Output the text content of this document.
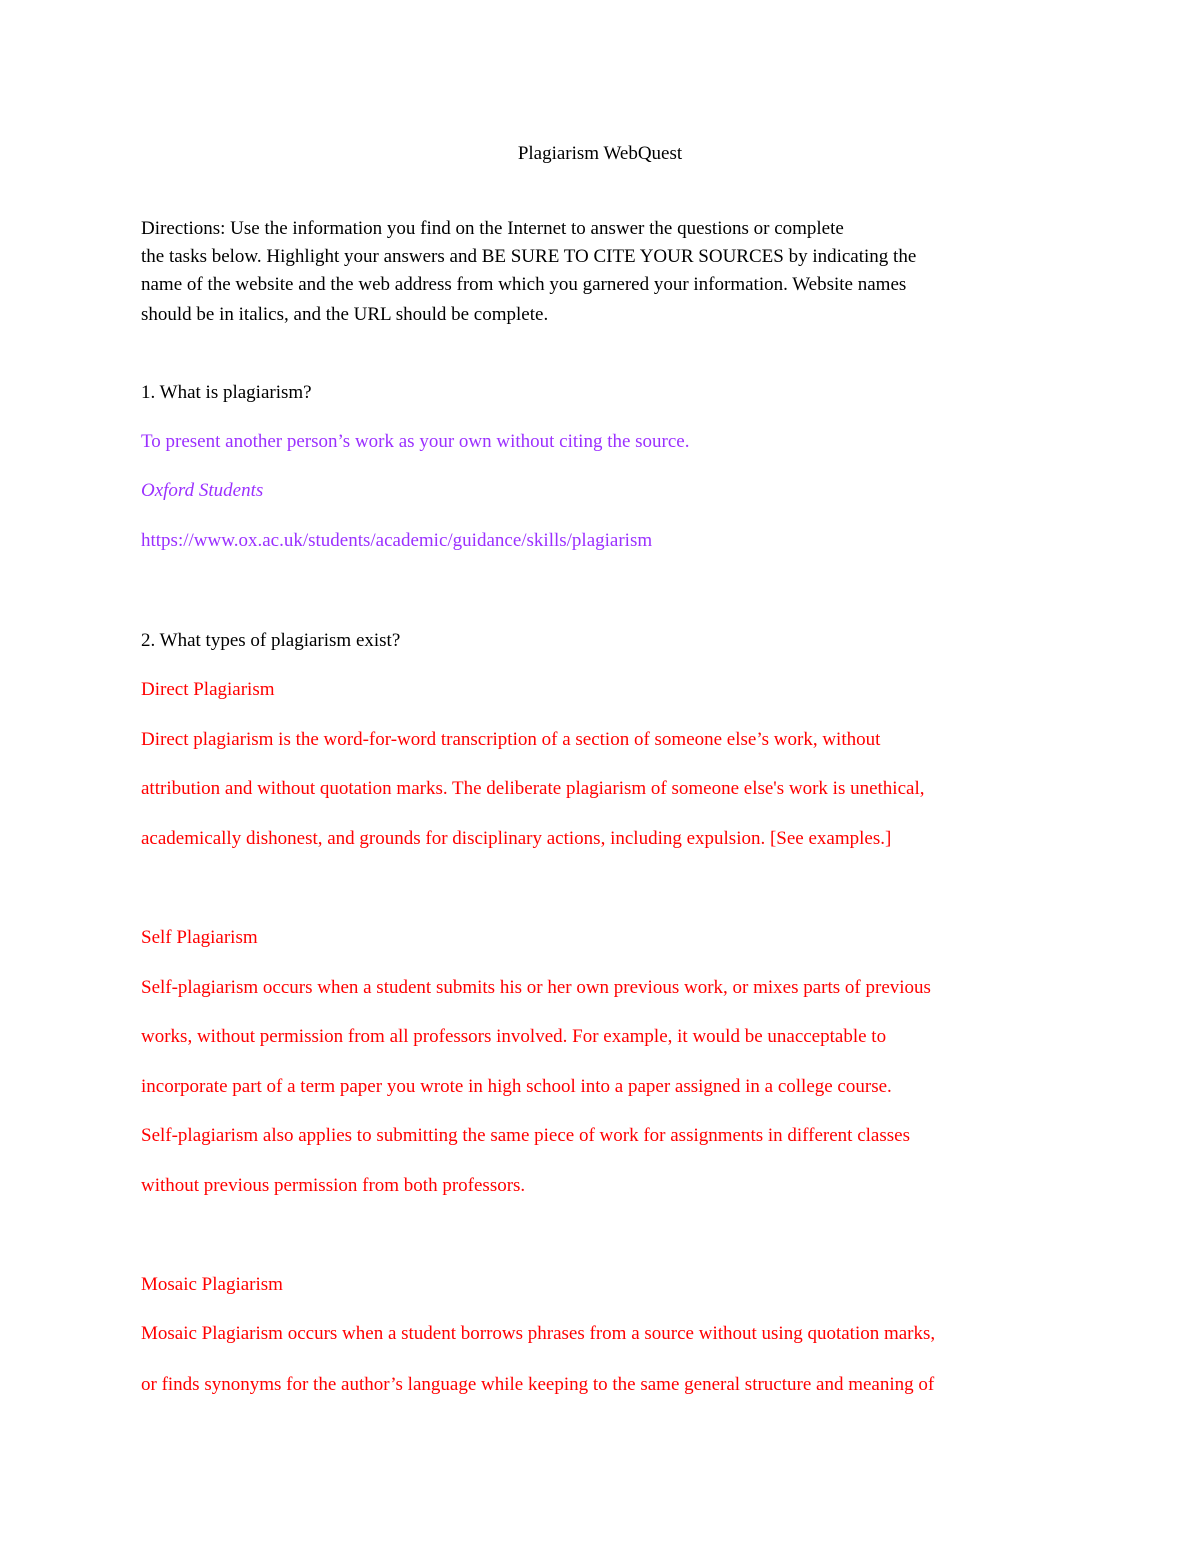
Plagiarism WebQuest
Directions: Use the information you find on the Internet to answer the questions or complete
the tasks below. Highlight your answers and BE SURE TO CITE YOUR SOURCES by indicating the
name of the website and the web address from which you garnered your information. Website names
should be in italics, and the URL should be complete.
1. What is plagiarism?
To present another person’s work as your own without citing the source.
Oxford Students
https://www.ox.ac.uk/students/academic/guidance/skills/plagiarism
2. What types of plagiarism exist?
Direct Plagiarism
Direct plagiarism is the word-for-word transcription of a section of someone else’s work, without
attribution and without quotation marks. The deliberate plagiarism of someone else's work is unethical,
academically dishonest, and grounds for disciplinary actions, including expulsion. [See examples.]
Self Plagiarism
Self-plagiarism occurs when a student submits his or her own previous work, or mixes parts of previous
works, without permission from all professors involved. For example, it would be unacceptable to
incorporate part of a term paper you wrote in high school into a paper assigned in a college course.
Self-plagiarism also applies to submitting the same piece of work for assignments in different classes
without previous permission from both professors.
Mosaic Plagiarism
Mosaic Plagiarism occurs when a student borrows phrases from a source without using quotation marks,
or finds synonyms for the author’s language while keeping to the same general structure and meaning of
